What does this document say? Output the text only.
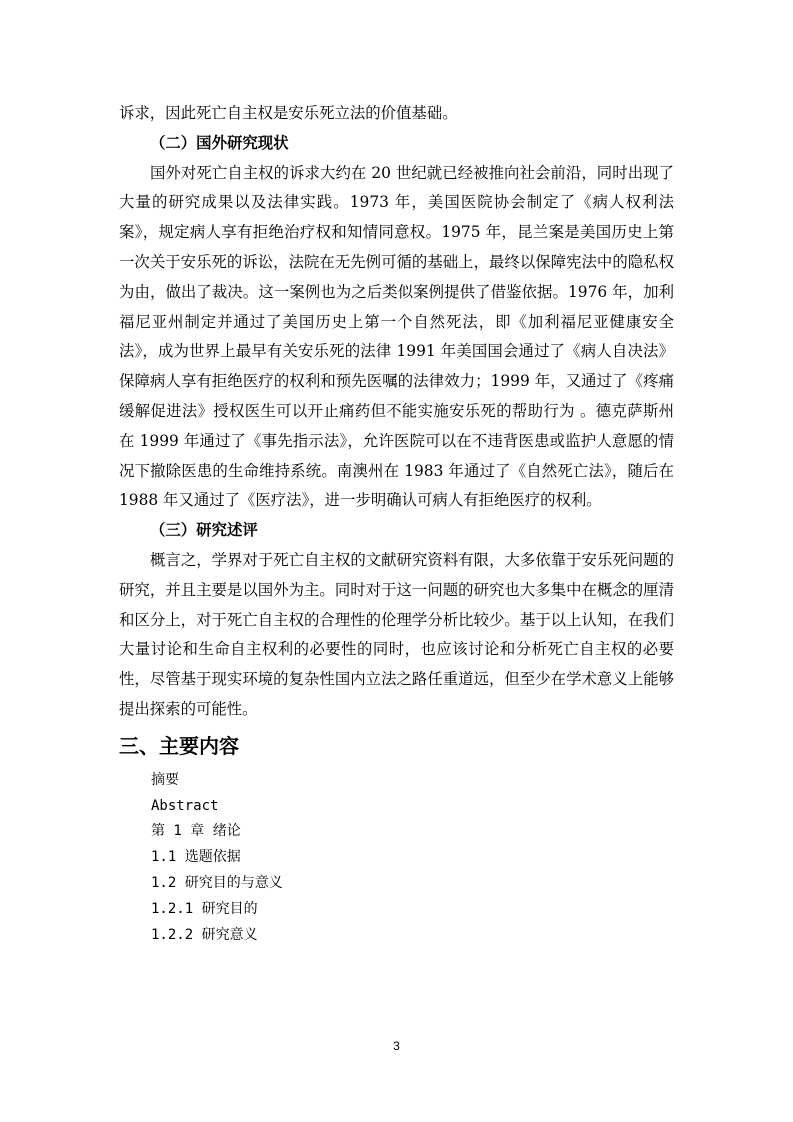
诉求，因此死亡自主权是安乐死立法的价值基础。

（二）国外研究现状

国外对死亡自主权的诉求大约在 20 世纪就已经被推向社会前沿，同时出现了大量的研究成果以及法律实践。1973 年，美国医院协会制定了《病人权利法案》，规定病人享有拒绝治疗权和知情同意权。1975 年，昆兰案是美国历史上第一次关于安乐死的诉讼，法院在无先例可循的基础上，最终以保障宪法中的隐私权为由，做出了裁决。这一案例也为之后类似案例提供了借鉴依据。1976 年，加利福尼亚州制定并通过了美国历史上第一个自然死法，即《加利福尼亚健康安全法》，成为世界上最早有关安乐死的法律 1991 年美国国会通过了《病人自决法》保障病人享有拒绝医疗的权利和预先医嘱的法律效力；1999 年，又通过了《疼痛缓解促进法》授权医生可以开止痛药但不能实施安乐死的帮助行为 。德克萨斯州在 1999 年通过了《事先指示法》，允许医院可以在不违背医患或监护人意愿的情况下撤除医患的生命维持系统。南澳州在 1983 年通过了《自然死亡法》，随后在 1988 年又通过了《医疗法》，进一步明确认可病人有拒绝医疗的权利。

（三）研究述评

概言之，学界对于死亡自主权的文献研究资料有限，大多依靠于安乐死问题的研究，并且主要是以国外为主。同时对于这一问题的研究也大多集中在概念的厘清和区分上，对于死亡自主权的合理性的伦理学分析比较少。基于以上认知，在我们大量讨论和生命自主权利的必要性的同时，也应该讨论和分析死亡自主权的必要性，尽管基于现实环境的复杂性国内立法之路任重道远，但至少在学术意义上能够提出探索的可能性。

三、主要内容
摘要
Abstract
第 1 章 绪论
1.1 选题依据
1.2 研究目的与意义
1.2.1 研究目的
1.2.2 研究意义
3
